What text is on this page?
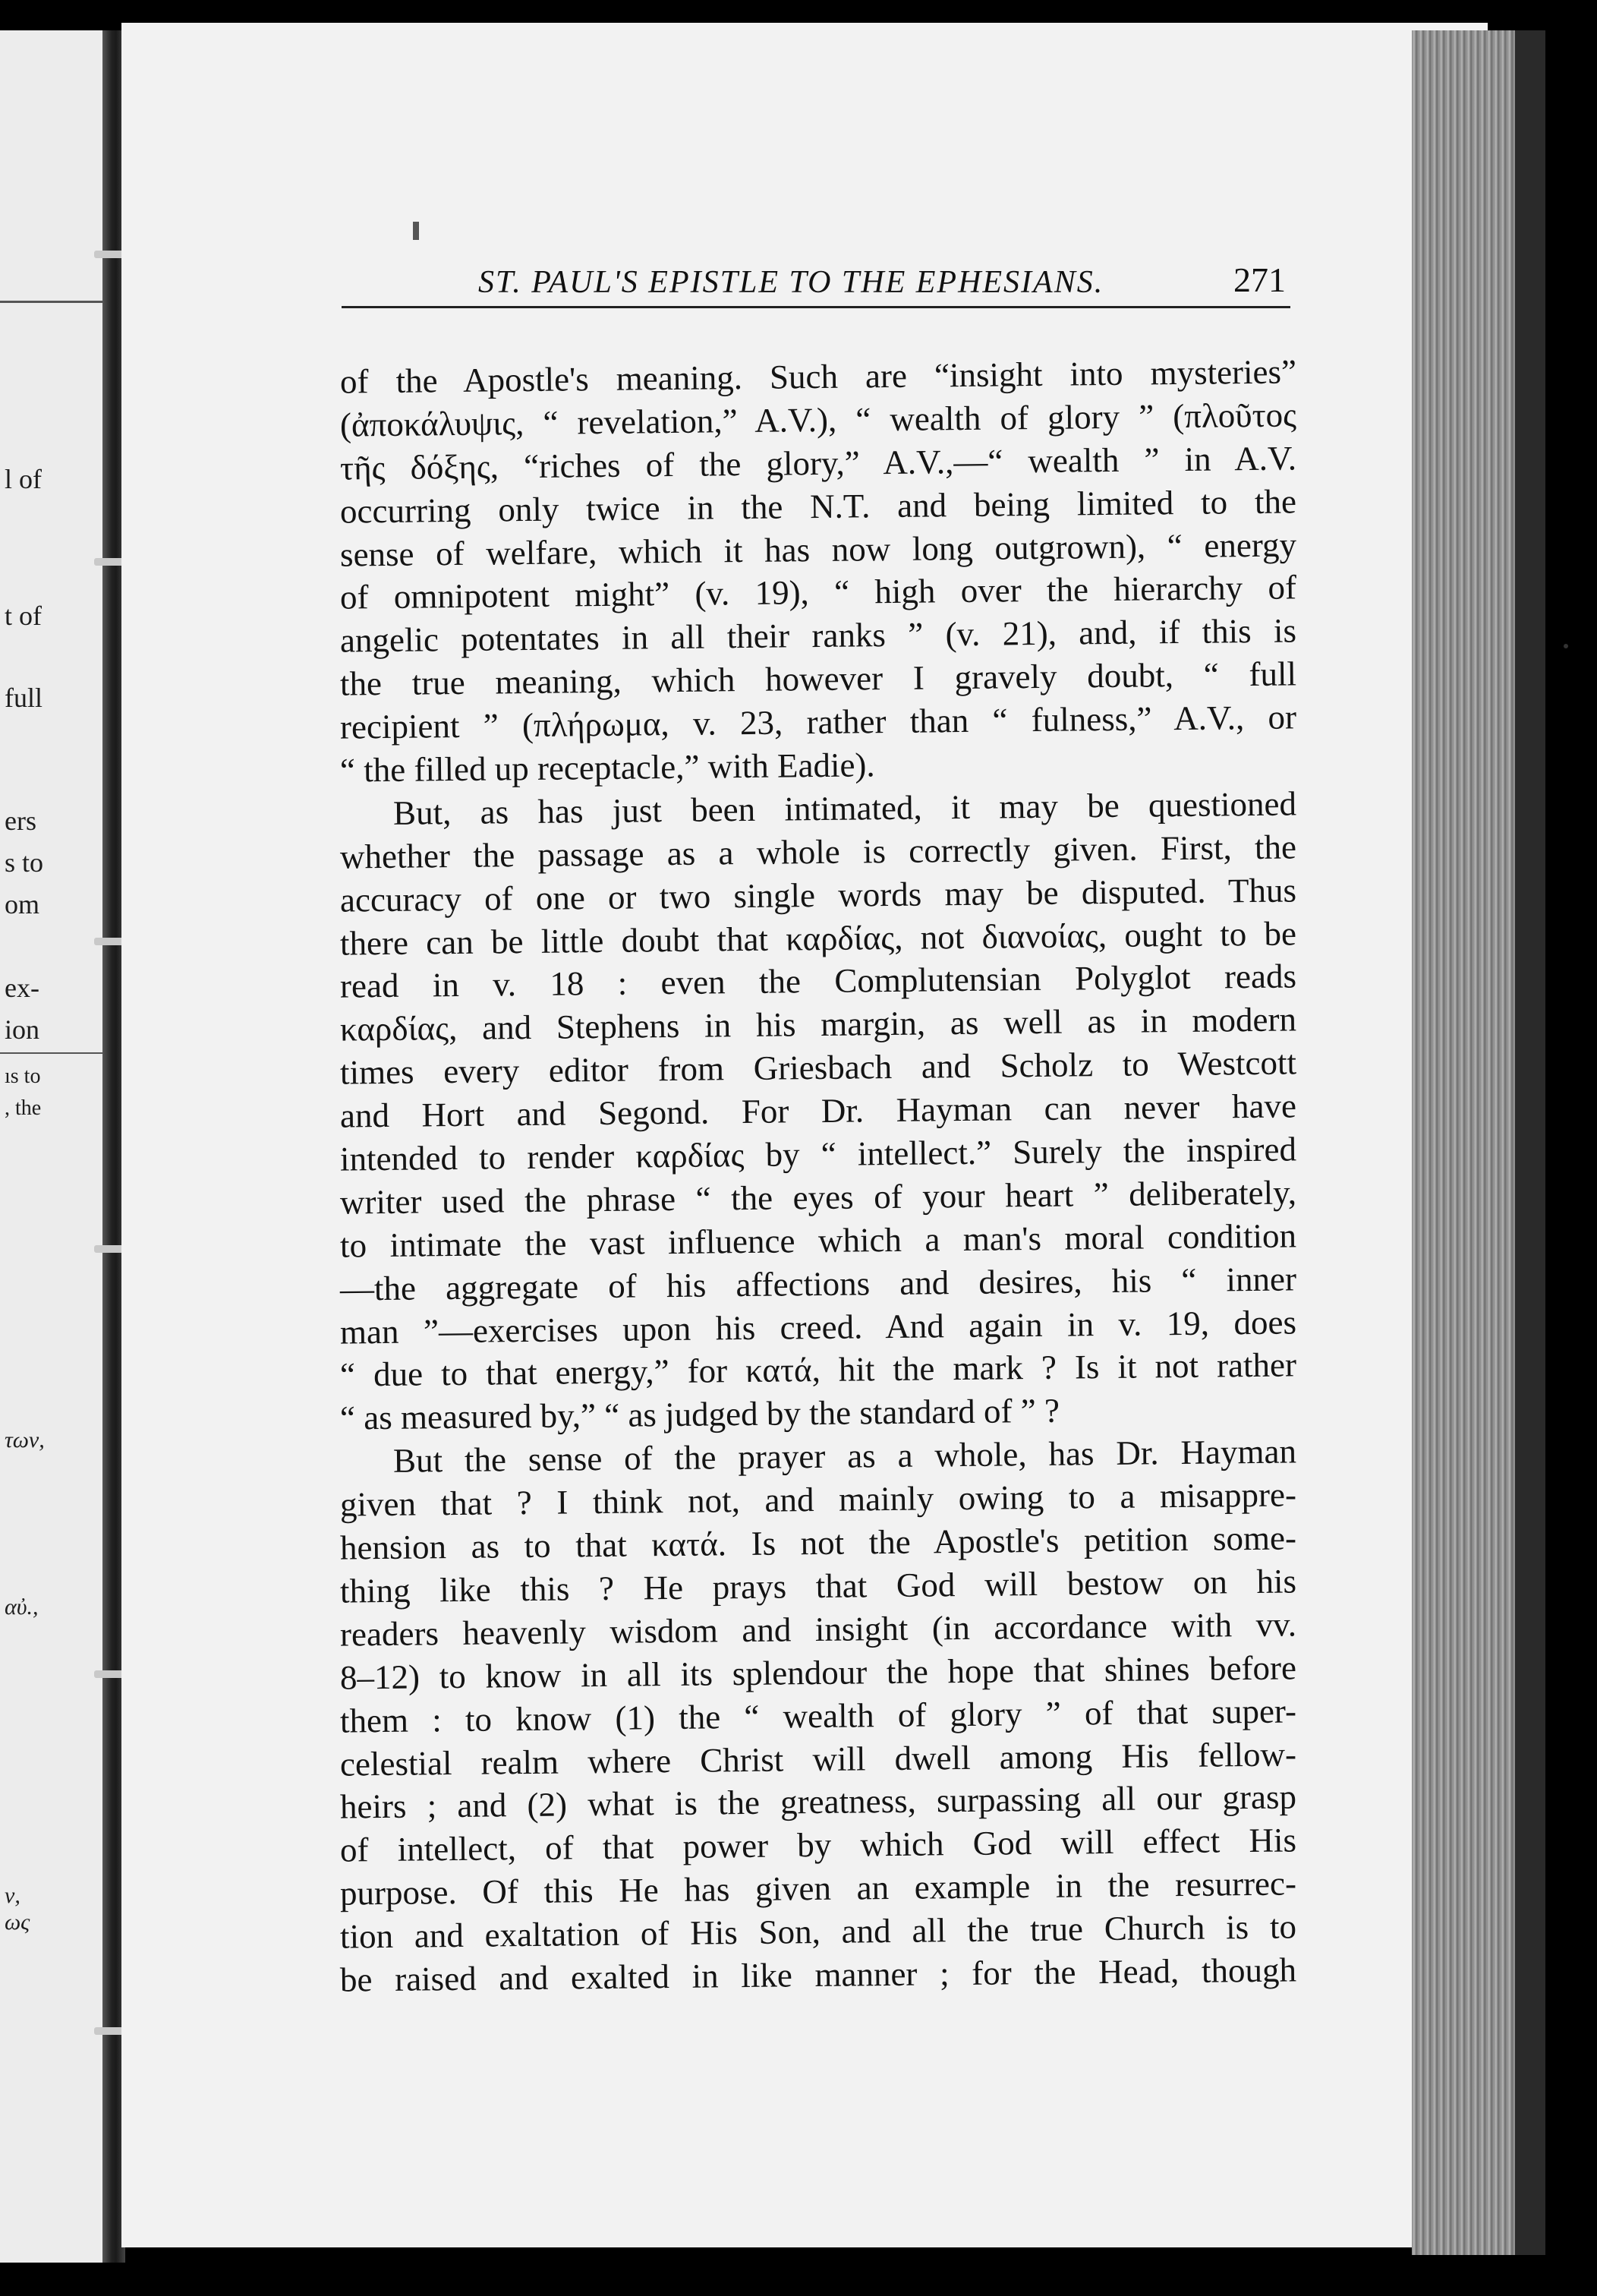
l of
t of
full
ers
s to
om
ex-
ion
ıs to
, the
των,
αὐ.,
ν,
ως
ST. PAUL'S EPISTLE TO THE EPHESIANS.	271
of the Apostle's meaning. Such are “insight into mysteries”
(ἀποκάλυψις, “ revelation,” A.V.), “ wealth of glory ” (πλοῦτος
τῆς δόξης, “riches of the glory,” A.V.,—“ wealth ” in A.V.
occurring only twice in the N.T. and being limited to the
sense of welfare, which it has now long outgrown), “ energy
of omnipotent might” (v. 19), “ high over the hierarchy of
angelic potentates in all their ranks ” (v. 21), and, if this is
the true meaning, which however I gravely doubt, “ full
recipient ” (πλήρωμα, v. 23, rather than “ fulness,” A.V., or
“ the filled up receptacle,” with Eadie).
But, as has just been intimated, it may be questioned
whether the passage as a whole is correctly given. First, the
accuracy of one or two single words may be disputed. Thus
there can be little doubt that καρδίας, not διανοίας, ought to be
read in v. 18 : even the Complutensian Polyglot reads
καρδίας, and Stephens in his margin, as well as in modern
times every editor from Griesbach and Scholz to Westcott
and Hort and Segond. For Dr. Hayman can never have
intended to render καρδίας by “ intellect.” Surely the inspired
writer used the phrase “ the eyes of your heart ” deliberately,
to intimate the vast influence which a man's moral condition
—the aggregate of his affections and desires, his “ inner
man ”—exercises upon his creed. And again in v. 19, does
“ due to that energy,” for κατά, hit the mark ? Is it not rather
“ as measured by,” “ as judged by the standard of ” ?
But the sense of the prayer as a whole, has Dr. Hayman
given that ? I think not, and mainly owing to a misappre-
hension as to that κατά. Is not the Apostle's petition some-
thing like this ? He prays that God will bestow on his
readers heavenly wisdom and insight (in accordance with vv.
8–12) to know in all its splendour the hope that shines before
them : to know (1) the “ wealth of glory ” of that super-
celestial realm where Christ will dwell among His fellow-
heirs ; and (2) what is the greatness, surpassing all our grasp
of intellect, of that power by which God will effect His
purpose. Of this He has given an example in the resurrec-
tion and exaltation of His Son, and all the true Church is to
be raised and exalted in like manner ; for the Head, though
